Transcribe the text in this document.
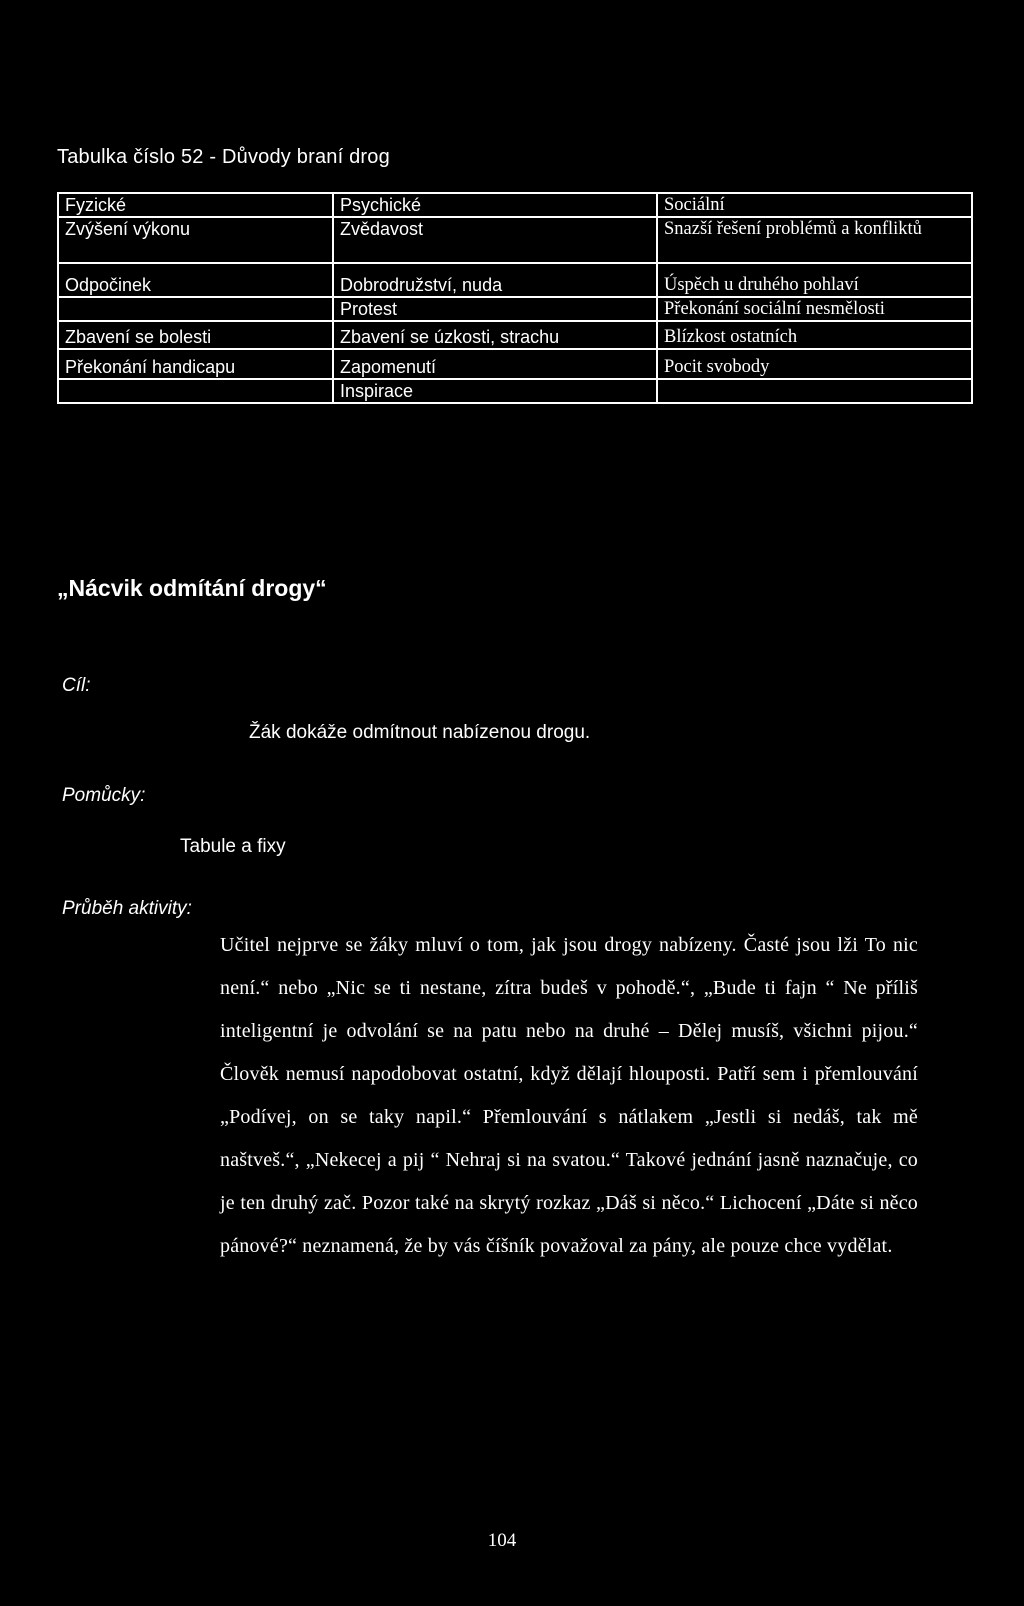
Tabulka číslo 52 - Důvody braní drog
Fyzické	Psychické	Sociální
Zvýšení výkonu	Zvědavost	Snazší řešení problémů a konfliktů
Odpočinek	Dobrodružství, nuda	Úspěch u druhého pohlaví
	Protest	Překonání sociální nesmělosti
Zbavení se bolesti	Zbavení se úzkosti, strachu	Blízkost ostatních
Překonání handicapu	Zapomenutí	Pocit svobody
	Inspirace	
„Nácvik odmítání drogy“
Cíl:
Žák dokáže odmítnout nabízenou drogu.
Pomůcky:
Tabule a fixy
Průběh aktivity:
Učitel nejprve se žáky mluví o tom, jak jsou drogy nabízeny. Časté jsou lži To nic není.“ nebo „Nic se ti nestane, zítra budeš v pohodě.“, „Bude ti fajn “ Ne příliš inteligentní je odvolání se na patu nebo na druhé – Dělej musíš, všichni pijou.“ Člověk nemusí napodobovat ostatní, když dělají hlouposti. Patří sem i přemlouvání „Podívej, on se taky napil.“ Přemlouvání s nátlakem „Jestli si nedáš, tak mě naštveš.“, „Nekecej a pij “ Nehraj si na svatou.“ Takové jednání jasně naznačuje, co je ten druhý zač. Pozor také na skrytý rozkaz „Dáš si něco.“ Lichocení „Dáte si něco pánové?“ neznamená, že by vás číšník považoval za pány, ale pouze chce vydělat.
104
